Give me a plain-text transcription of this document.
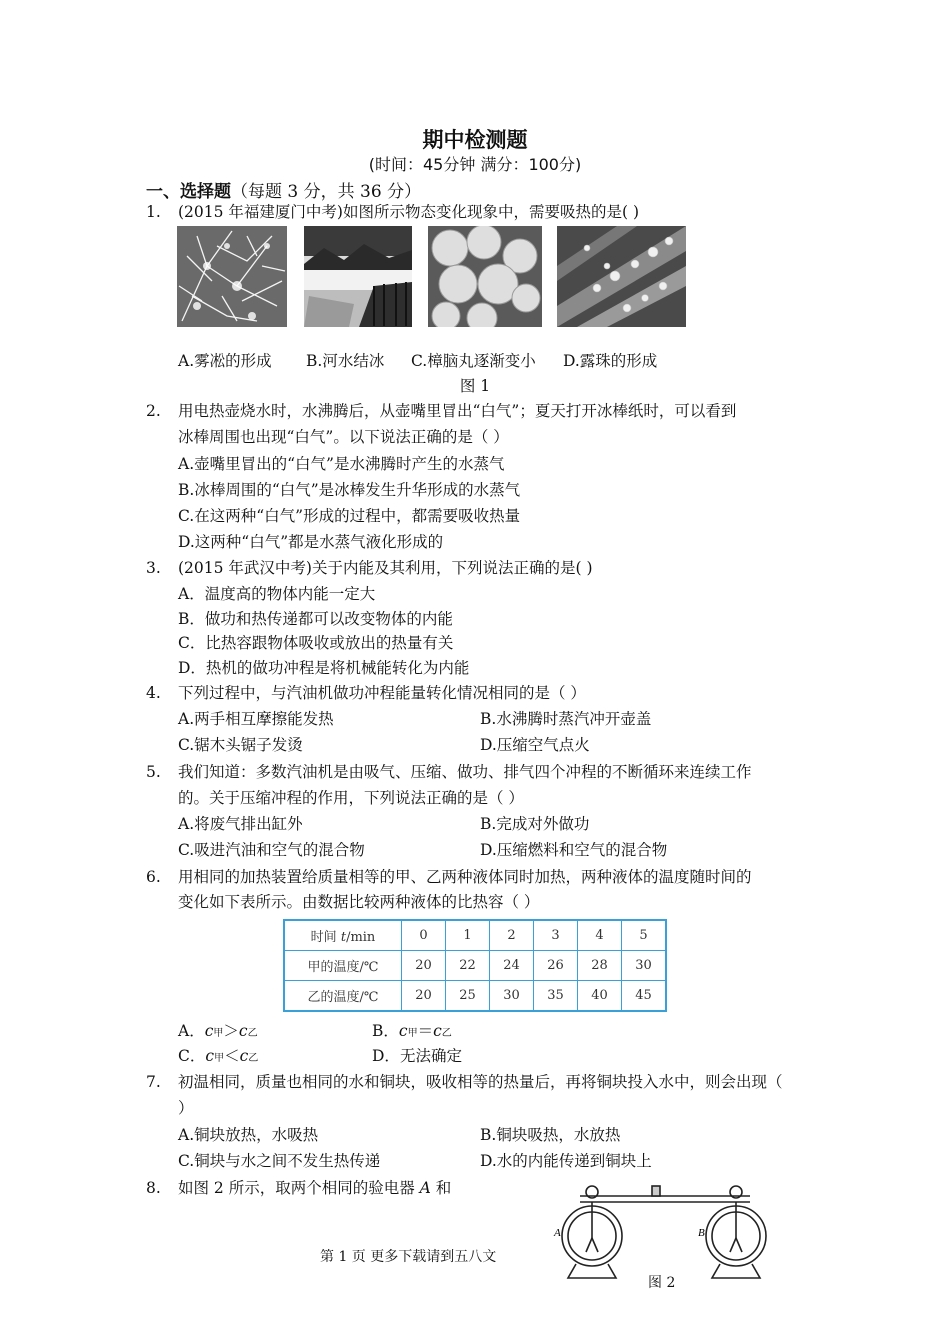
期中检测题
(时间：45分钟 满分：100分)
一、选择题（每题 3 分，共 36 分）
1. (2015 年福建厦门中考)如图所示物态变化现象中，需要吸热的是( )
A.雾凇的形成 B.河水结冰 C.樟脑丸逐渐变小 D.露珠的形成
图 1
2. 用电热壶烧水时，水沸腾后，从壶嘴里冒出“白气”；夏天打开冰棒纸时，可以看到
冰棒周围也出现“白气”。以下说法正确的是（ ）
A.壶嘴里冒出的“白气”是水沸腾时产生的水蒸气
B.冰棒周围的“白气”是冰棒发生升华形成的水蒸气
C.在这两种“白气”形成的过程中，都需要吸收热量
D.这两种“白气”都是水蒸气液化形成的
3. (2015 年武汉中考)关于内能及其利用，下列说法正确的是( )
A．温度高的物体内能一定大
B．做功和热传递都可以改变物体的内能
C．比热容跟物体吸收或放出的热量有关
D．热机的做功冲程是将机械能转化为内能
4. 下列过程中，与汽油机做功冲程能量转化情况相同的是（ ）
A.两手相互摩擦能发热	B.水沸腾时蒸汽冲开壶盖
C.锯木头锯子发烫	D.压缩空气点火
5. 我们知道：多数汽油机是由吸气、压缩、做功、排气四个冲程的不断循环来连续工作
的。关于压缩冲程的作用，下列说法正确的是（ ）
A.将废气排出缸外	B.完成对外做功
C.吸进汽油和空气的混合物	D.压缩燃料和空气的混合物
6. 用相同的加热装置给质量相等的甲、乙两种液体同时加热，两种液体的温度随时间的
变化如下表所示。由数据比较两种液体的比热容（ ）
时间 t/min	0	1	2	3	4	5
甲的温度/℃	20	22	24	26	28	30
乙的温度/℃	20	25	30	35	40	45
A．c甲＞c乙	B．c甲＝c乙
C．c甲＜c乙	D．无法确定
7. 初温相同，质量也相同的水和铜块，吸收相等的热量后，再将铜块投入水中，则会出现（
）
A.铜块放热，水吸热	B.铜块吸热，水放热
C.铜块与水之间不发生热传递	D.水的内能传递到铜块上
8. 如图 2 所示，取两个相同的验电器 A 和
A	B
图 2
第 1 页 更多下载请到五八文
